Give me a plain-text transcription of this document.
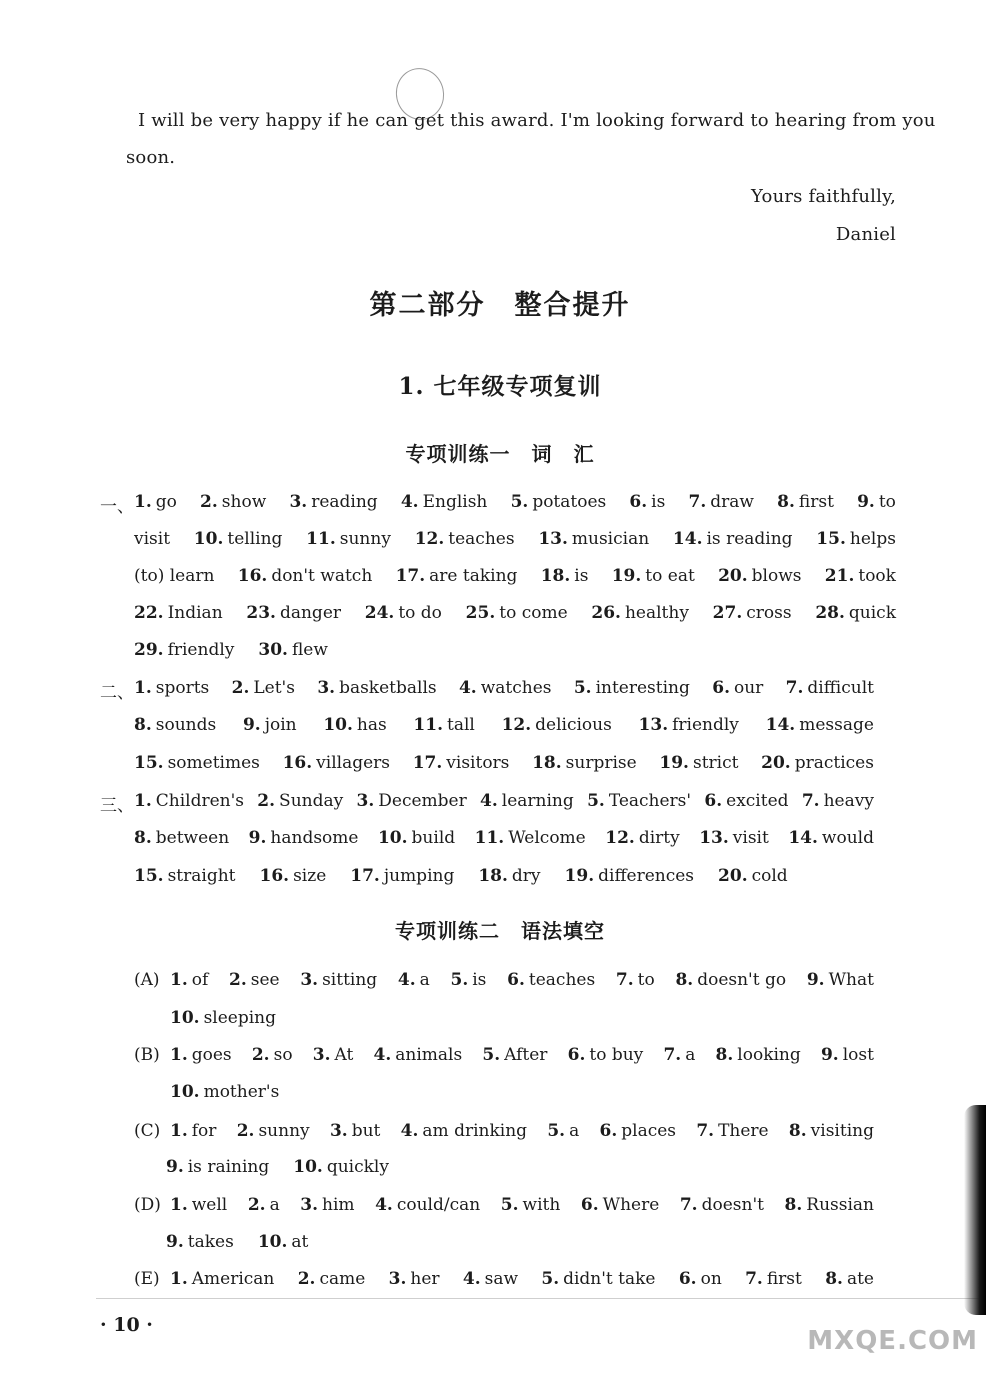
I will be very happy if he can get this award. I'm looking forward to hearing from you
soon.
Yours faithfully,
Daniel
第二部分　整合提升
1. 七年级专项复训
专项训练一　词　汇
专项训练二　语法填空
一、 1. go 2. show 3. reading 4. English 5. potatoes 6. is 7. draw 8. first 9. to
visit 10. telling 11. sunny 12. teaches 13. musician 14. is reading 15. helps
(to) learn 16. don't watch 17. are taking 18. is 19. to eat 20. blows 21. took
22. Indian 23. danger 24. to do 25. to come 26. healthy 27. cross 28. quick
29. friendly 30. flew
二、 1. sports 2. Let's 3. basketballs 4. watches 5. interesting 6. our 7. difficult
8. sounds 9. join 10. has 11. tall 12. delicious 13. friendly 14. message
15. sometimes 16. villagers 17. visitors 18. surprise 19. strict 20. practices
三、 1. Children's 2. Sunday 3. December 4. learning 5. Teachers' 6. excited 7. heavy
8. between 9. handsome 10. build 11. Welcome 12. dirty 13. visit 14. would
15. straight 16. size 17. jumping 18. dry 19. differences 20. cold
(A) 1. of 2. see 3. sitting 4. a 5. is 6. teaches 7. to 8. doesn't go 9. What
10. sleeping
(B) 1. goes 2. so 3. At 4. animals 5. After 6. to buy 7. a 8. looking 9. lost
10. mother's
(C) 1. for 2. sunny 3. but 4. am drinking 5. a 6. places 7. There 8. visiting
9. is raining 10. quickly
(D) 1. well 2. a 3. him 4. could/can 5. with 6. Where 7. doesn't 8. Russian
9. takes 10. at
(E) 1. American 2. came 3. her 4. saw 5. didn't take 6. on 7. first 8. ate
· 10 ·
MXQE.COM
